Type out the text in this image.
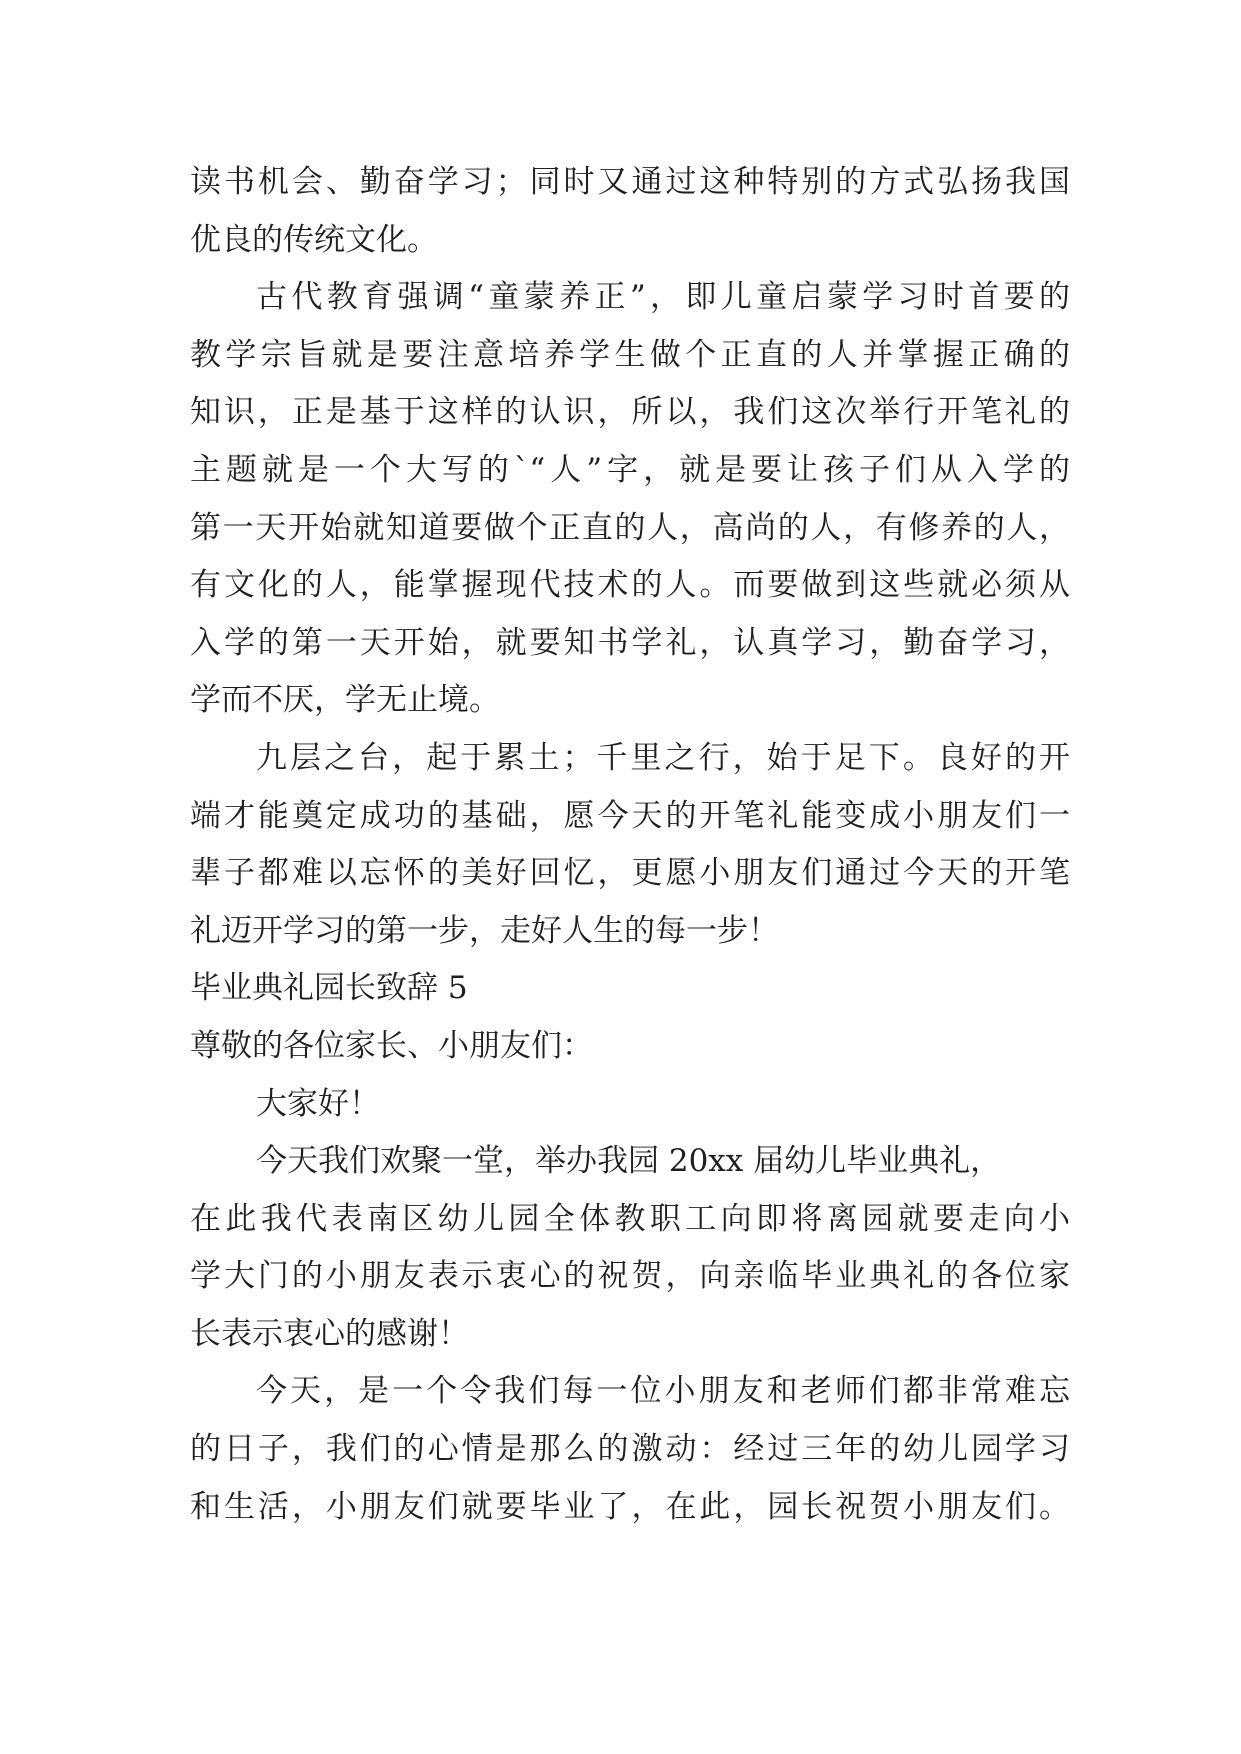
读书机会、勤奋学习；同时又通过这种特别的方式弘扬我国
优良的传统文化。
古代教育强调“童蒙养正”，即儿童启蒙学习时首要的
教学宗旨就是要注意培养学生做个正直的人并掌握正确的
知识，正是基于这样的认识，所以，我们这次举行开笔礼的
主题就是一个大写的`“人”字，就是要让孩子们从入学的
第一天开始就知道要做个正直的人，高尚的人，有修养的人，
有文化的人，能掌握现代技术的人。而要做到这些就必须从
入学的第一天开始，就要知书学礼，认真学习，勤奋学习，
学而不厌，学无止境。
九层之台，起于累土；千里之行，始于足下。良好的开
端才能奠定成功的基础，愿今天的开笔礼能变成小朋友们一
辈子都难以忘怀的美好回忆，更愿小朋友们通过今天的开笔
礼迈开学习的第一步，走好人生的每一步！
毕业典礼园长致辞 5
尊敬的各位家长、小朋友们：
大家好！
今天我们欢聚一堂，举办我园 20xx 届幼儿毕业典礼，
在此我代表南区幼儿园全体教职工向即将离园就要走向小
学大门的小朋友表示衷心的祝贺，向亲临毕业典礼的各位家
长表示衷心的感谢！
今天，是一个令我们每一位小朋友和老师们都非常难忘
的日子，我们的心情是那么的激动：经过三年的幼儿园学习
和生活，小朋友们就要毕业了，在此，园长祝贺小朋友们。
